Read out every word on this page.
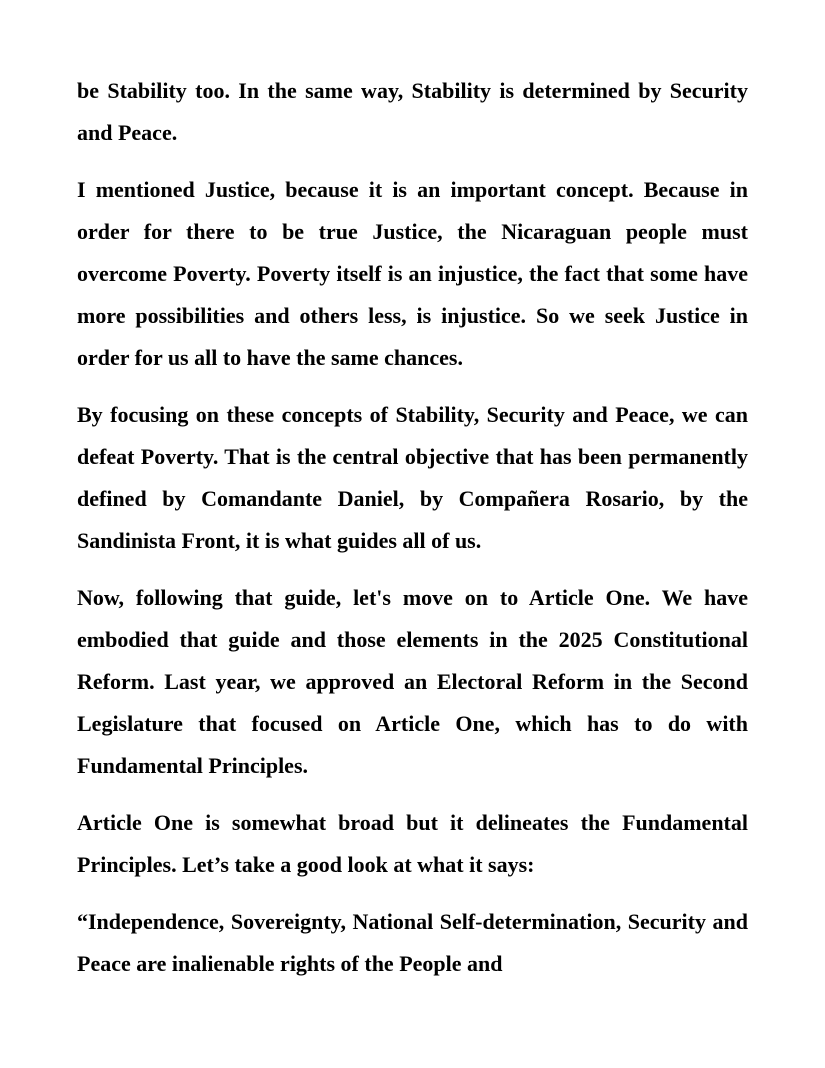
be Stability too. In the same way, Stability is determined by Security and Peace.

I mentioned Justice, because it is an important concept. Because in order for there to be true Justice, the Nicaraguan people must overcome Poverty. Poverty itself is an injustice, the fact that some have more possibilities and others less, is injustice. So we seek Justice in order for us all to have the same chances.

By focusing on these concepts of Stability, Security and Peace, we can defeat Poverty. That is the central objective that has been permanently defined by Comandante Daniel, by Compañera Rosario, by the Sandinista Front, it is what guides all of us.

Now, following that guide, let's move on to Article One. We have embodied that guide and those elements in the 2025 Constitutional Reform. Last year, we approved an Electoral Reform in the Second Legislature that focused on Article One, which has to do with Fundamental Principles.

Article One is somewhat broad but it delineates the Fundamental Principles. Let’s take a good look at what it says:

“Independence, Sovereignty, National Self-determination, Security and Peace are inalienable rights of the People and
